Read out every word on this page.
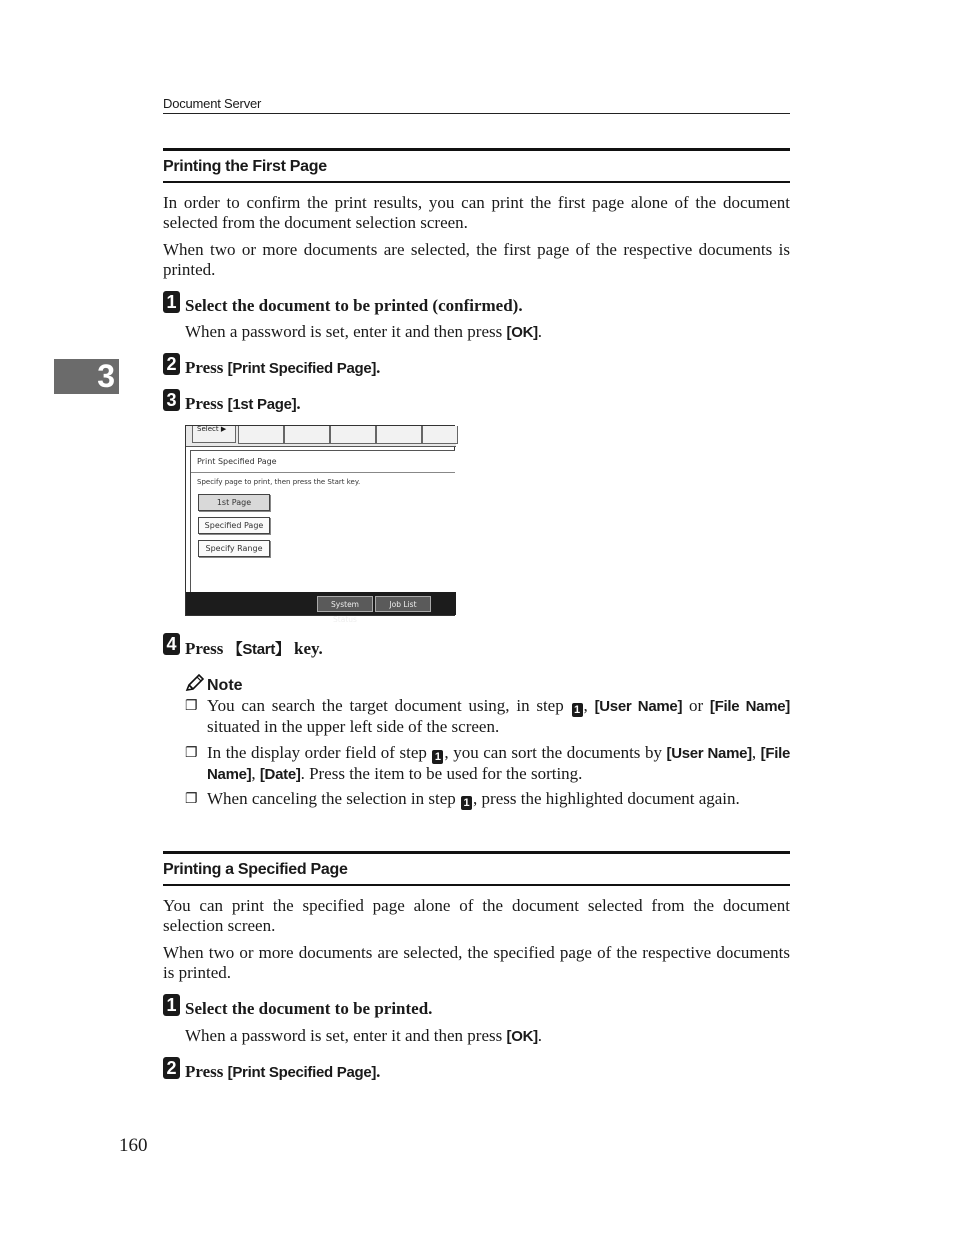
Document Server
3
Printing the First Page
In order to confirm the print results, you can print the first page alone of the document selected from the document selection screen.
When two or more documents are selected, the first page of the respective documents is printed.
1 Select the document to be printed (confirmed).
When a password is set, enter it and then press [OK].
2 Press [Print Specified Page].
3 Press [1st Page].
Select ▶
Print Specified Page
Specify page to print, then press the Start key.
1st Page
Specified Page
Specify Range
System Status
Job List
4 Press 【Start】 key.
Note
❐ You can search the target document using, in step 1 , [User Name] or [File Name] situated in the upper left side of the screen.
❐ In the display order field of step 1 , you can sort the documents by [User Name], [File Name], [Date]. Press the item to be used for the sorting.
❐ When canceling the selection in step 1 , press the highlighted document again.
Printing a Specified Page
You can print the specified page alone of the document selected from the document selection screen.
When two or more documents are selected, the specified page of the respective documents is printed.
1 Select the document to be printed.
When a password is set, enter it and then press [OK].
2 Press [Print Specified Page].
160
